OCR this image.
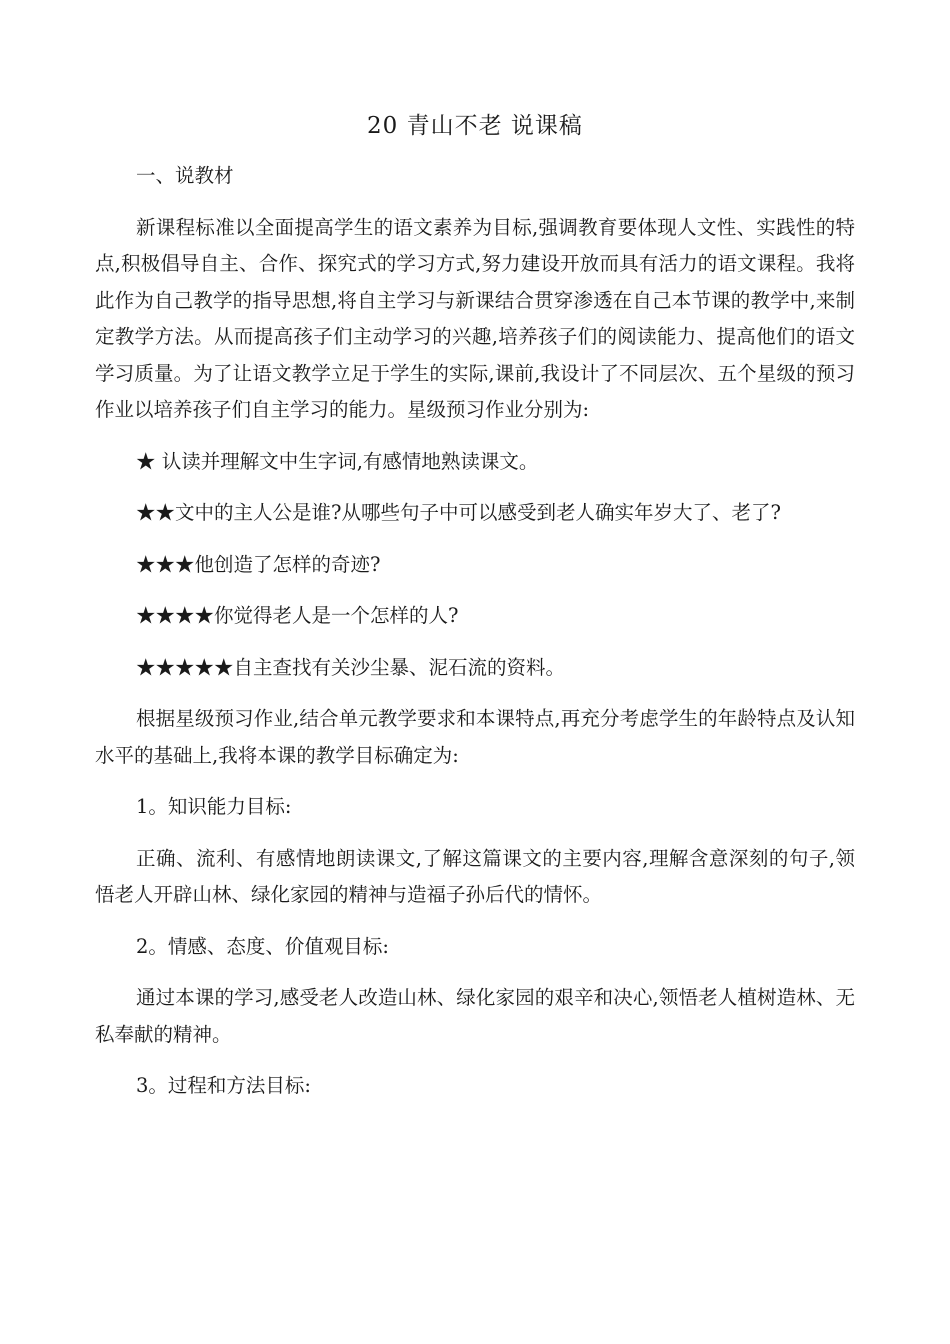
20 青山不老 说课稿

一、说教材

新课程标准以全面提高学生的语文素养为目标,强调教育要体现人文性、实践性的特点,积极倡导自主、合作、探究式的学习方式,努力建设开放而具有活力的语文课程。我将此作为自己教学的指导思想,将自主学习与新课结合贯穿渗透在自己本节课的教学中,来制定教学方法。从而提高孩子们主动学习的兴趣,培养孩子们的阅读能力、提高他们的语文学习质量。为了让语文教学立足于学生的实际,课前,我设计了不同层次、五个星级的预习作业以培养孩子们自主学习的能力。星级预习作业分别为:

★ 认读并理解文中生字词,有感情地熟读课文。

★★文中的主人公是谁?从哪些句子中可以感受到老人确实年岁大了、老了?

★★★他创造了怎样的奇迹?

★★★★你觉得老人是一个怎样的人?

★★★★★自主查找有关沙尘暴、泥石流的资料。

根据星级预习作业,结合单元教学要求和本课特点,再充分考虑学生的年龄特点及认知水平的基础上,我将本课的教学目标确定为:

1。知识能力目标:

正确、流利、有感情地朗读课文,了解这篇课文的主要内容,理解含意深刻的句子,领悟老人开辟山林、绿化家园的精神与造福子孙后代的情怀。

2。情感、态度、价值观目标:

通过本课的学习,感受老人改造山林、绿化家园的艰辛和决心,领悟老人植树造林、无私奉献的精神。

3。过程和方法目标:
